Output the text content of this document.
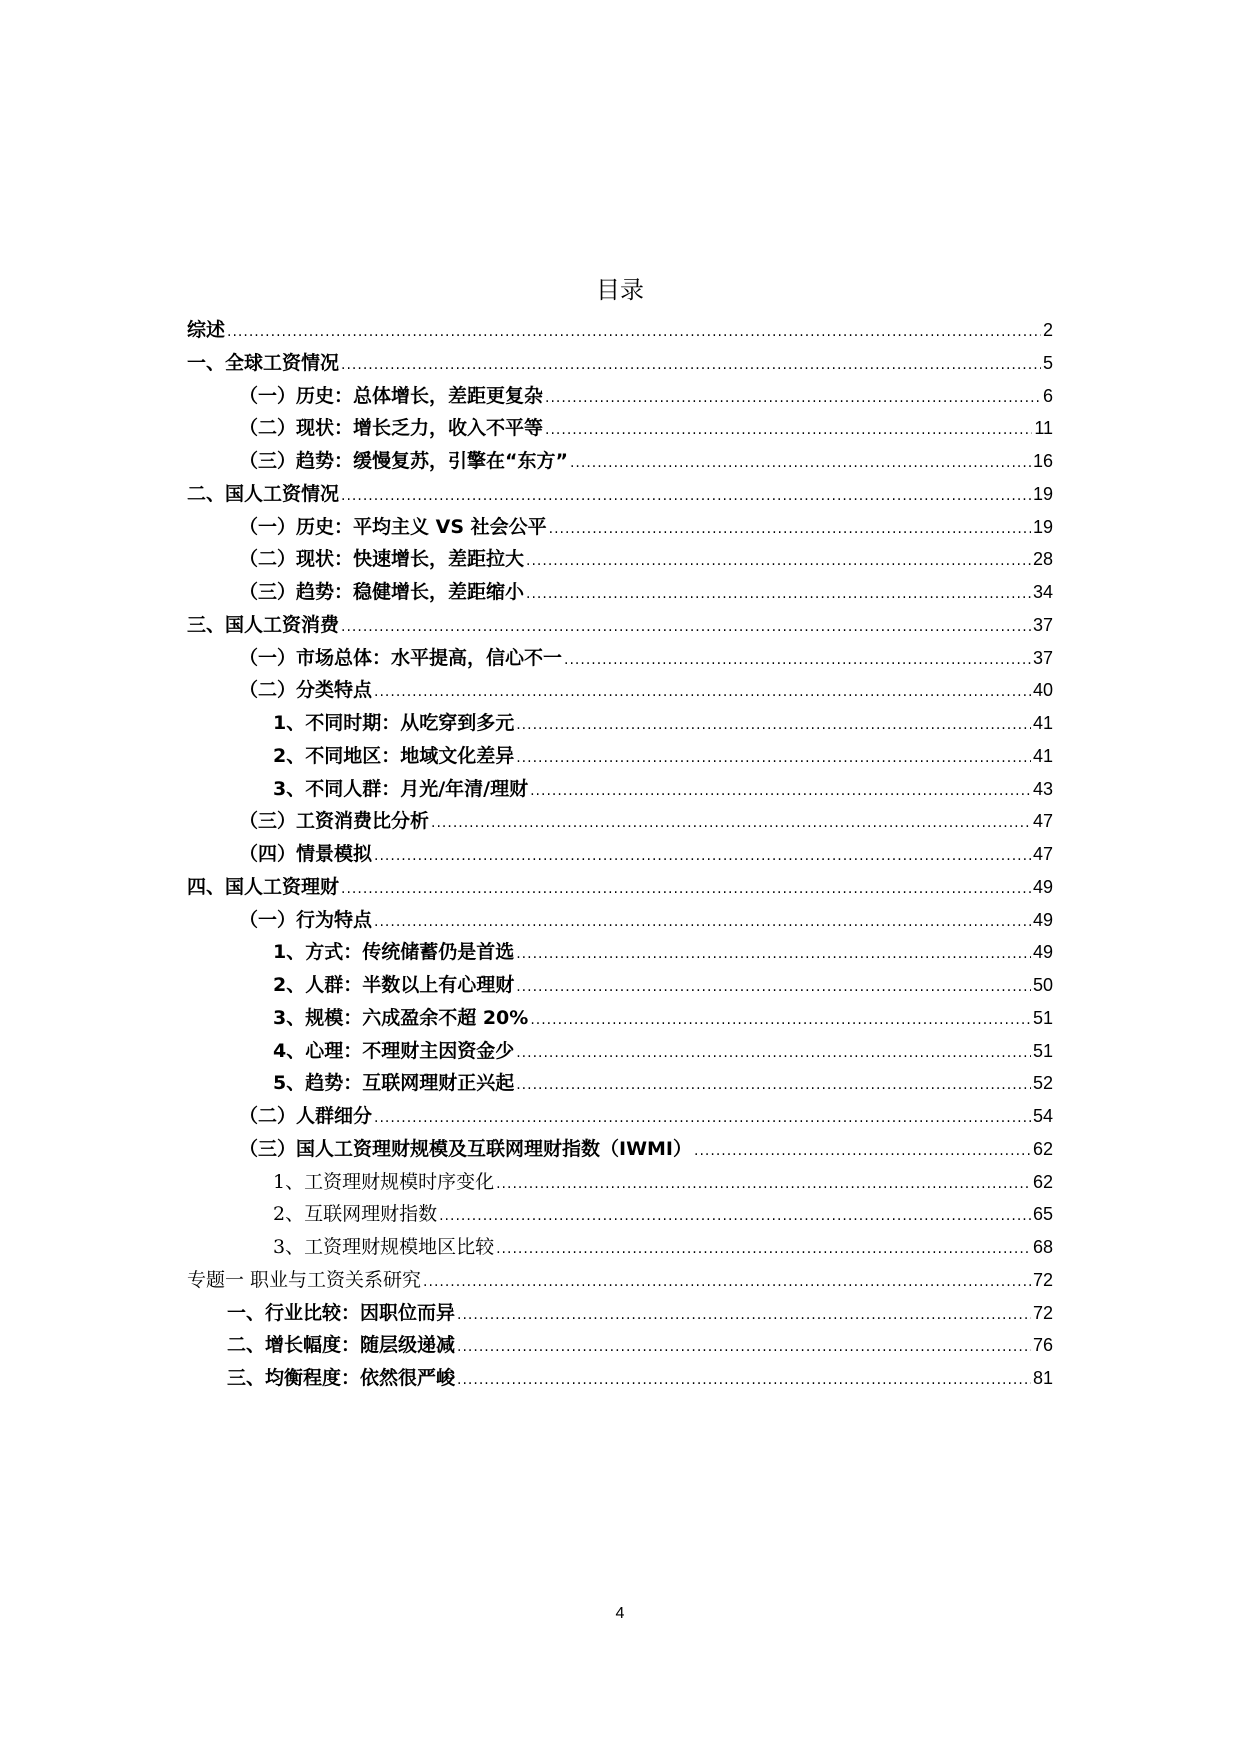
目录
综述 .....	2
一、全球工资情况 .....	5
（一）历史：总体增长，差距更复杂 .....	6
（二）现状：增长乏力，收入不平等 .....	11
（三）趋势：缓慢复苏，引擎在“东方” .....	16
二、国人工资情况 .....	19
（一）历史：平均主义 VS 社会公平 .....	19
（二）现状：快速增长，差距拉大 .....	28
（三）趋势：稳健增长，差距缩小 .....	34
三、国人工资消费 .....	37
（一）市场总体：水平提高，信心不一 .....	37
（二）分类特点 .....	40
1、不同时期：从吃穿到多元 .....	41
2、不同地区：地域文化差异 .....	41
3、不同人群：月光/年清/理财 .....	43
（三）工资消费比分析 .....	47
（四）情景模拟 .....	47
四、国人工资理财 .....	49
（一）行为特点 .....	49
1、方式：传统储蓄仍是首选 .....	49
2、人群：半数以上有心理财 .....	50
3、规模：六成盈余不超 20% .....	51
4、心理：不理财主因资金少 .....	51
5、趋势：互联网理财正兴起 .....	52
（二）人群细分 .....	54
（三）国人工资理财规模及互联网理财指数（IWMI） .....	62
1、工资理财规模时序变化 .....	62
2、互联网理财指数 .....	65
3、工资理财规模地区比较 .....	68
专题一 职业与工资关系研究 .....	72
一、行业比较：因职位而异 .....	72
二、增长幅度：随层级递减 .....	76
三、均衡程度：依然很严峻 .....	81
4
